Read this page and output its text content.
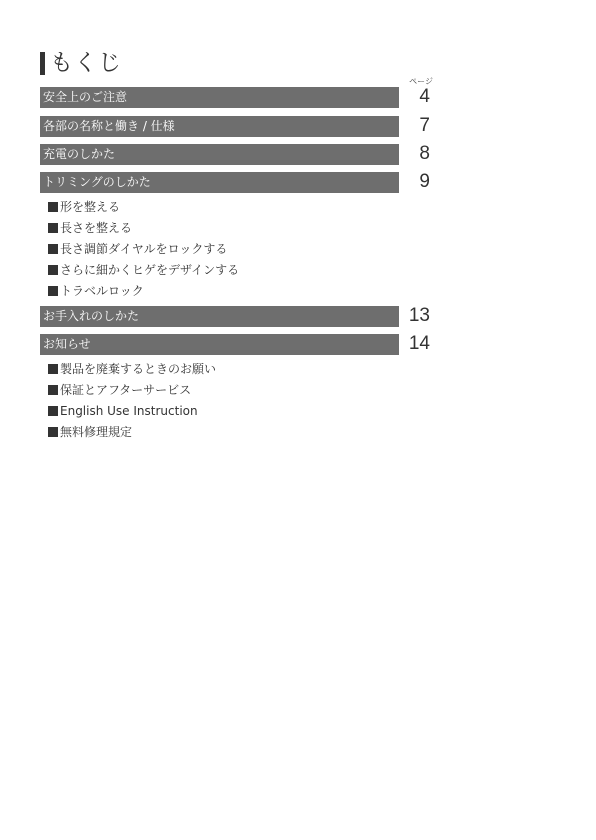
もくじ
ページ
安全上のご注意	4
各部の名称と働き / 仕様	7
充電のしかた	8
トリミングのしかた	9
形を整える
長さを整える
長さ調節ダイヤルをロックする
さらに細かくヒゲをデザインする
トラベルロック
お手入れのしかた	13
お知らせ	14
製品を廃棄するときのお願い
保証とアフターサービス
English Use Instruction
無料修理規定
